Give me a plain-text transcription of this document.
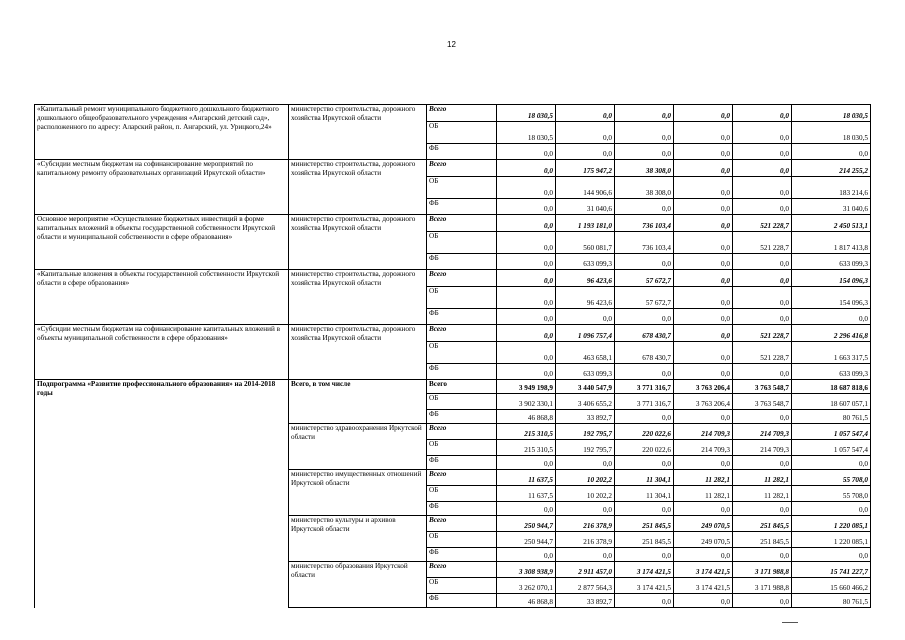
12
«Капитальный ремонт муниципального бюджетного дошкольного бюджетного дошкольного общеобразовательного учреждения «Ангарский детский сад», расположенного по адресу: Аларский район, п. Ангарский, ул. Урицкого,24»	министерство строительства, дорожного хозяйства Иркутской области	Всего	18 030,5	0,0	0,0	0,0	0,0	18 030,5
		ОБ	18 030,5	0,0	0,0	0,0	0,0	18 030,5
		ФБ	0,0	0,0	0,0	0,0	0,0	0,0
«Субсидии местным бюджетам на софинансирование мероприятий по капитальному ремонту образовательных организаций Иркутской области»	министерство строительства, дорожного хозяйства Иркутской области	Всего	0,0	175 947,2	38 308,0	0,0	0,0	214 255,2
		ОБ	0,0	144 906,6	38 308,0	0,0	0,0	183 214,6
		ФБ	0,0	31 040,6	0,0	0,0	0,0	31 040,6
Основное мероприятие «Осуществление бюджетных инвестиций в форме капитальных вложений в объекты государственной собственности Иркутской области и муниципальной собственности в сфере образования»	министерство строительства, дорожного хозяйства Иркутской области	Всего	0,0	1 193 181,0	736 103,4	0,0	521 228,7	2 450 513,1
		ОБ	0,0	560 081,7	736 103,4	0,0	521 228,7	1 817 413,8
		ФБ	0,0	633 099,3	0,0	0,0	0,0	633 099,3
«Капитальные вложения в объекты государственной собственности Иркутской области в сфере образования»	министерство строительства, дорожного хозяйства Иркутской области	Всего	0,0	96 423,6	57 672,7	0,0	0,0	154 096,3
		ОБ	0,0	96 423,6	57 672,7	0,0	0,0	154 096,3
		ФБ	0,0	0,0	0,0	0,0	0,0	0,0
«Субсидии местным бюджетам на софинансирование капитальных вложений в объекты муниципальной собственности в сфере образования»	министерство строительства, дорожного хозяйства Иркутской области	Всего	0,0	1 096 757,4	678 430,7	0,0	521 228,7	2 296 416,8
		ОБ	0,0	463 658,1	678 430,7	0,0	521 228,7	1 663 317,5
		ФБ	0,0	633 099,3	0,0	0,0	0,0	633 099,3
Подпрограмма «Развитие профессионального образования» на 2014-2018 годы	Всего, в том числе	Всего	3 949 198,9	3 440 547,9	3 771 316,7	3 763 206,4	3 763 548,7	18 687 818,6
		ОБ	3 902 330,1	3 406 655,2	3 771 316,7	3 763 206,4	3 763 548,7	18 607 057,1
		ФБ	46 868,8	33 892,7	0,0	0,0	0,0	80 761,5
	министерство здравоохранения Иркутской области	Всего	215 310,5	192 795,7	220 022,6	214 709,3	214 709,3	1 057 547,4
		ОБ	215 310,5	192 795,7	220 022,6	214 709,3	214 709,3	1 057 547,4
		ФБ	0,0	0,0	0,0	0,0	0,0	0,0
	министерство имущественных отношений Иркутской области	Всего	11 637,5	10 202,2	11 304,1	11 282,1	11 282,1	55 708,0
		ОБ	11 637,5	10 202,2	11 304,1	11 282,1	11 282,1	55 708,0
		ФБ	0,0	0,0	0,0	0,0	0,0	0,0
	министерство культуры и архивов Иркутской области	Всего	250 944,7	216 378,9	251 845,5	249 070,5	251 845,5	1 220 085,1
		ОБ	250 944,7	216 378,9	251 845,5	249 070,5	251 845,5	1 220 085,1
		ФБ	0,0	0,0	0,0	0,0	0,0	0,0
	министерство образования Иркутской области	Всего	3 308 938,9	2 911 457,0	3 174 421,5	3 174 421,5	3 171 988,8	15 741 227,7
		ОБ	3 262 070,1	2 877 564,3	3 174 421,5	3 174 421,5	3 171 988,8	15 660 466,2
		ФБ	46 868,8	33 892,7	0,0	0,0	0,0	80 761,5
